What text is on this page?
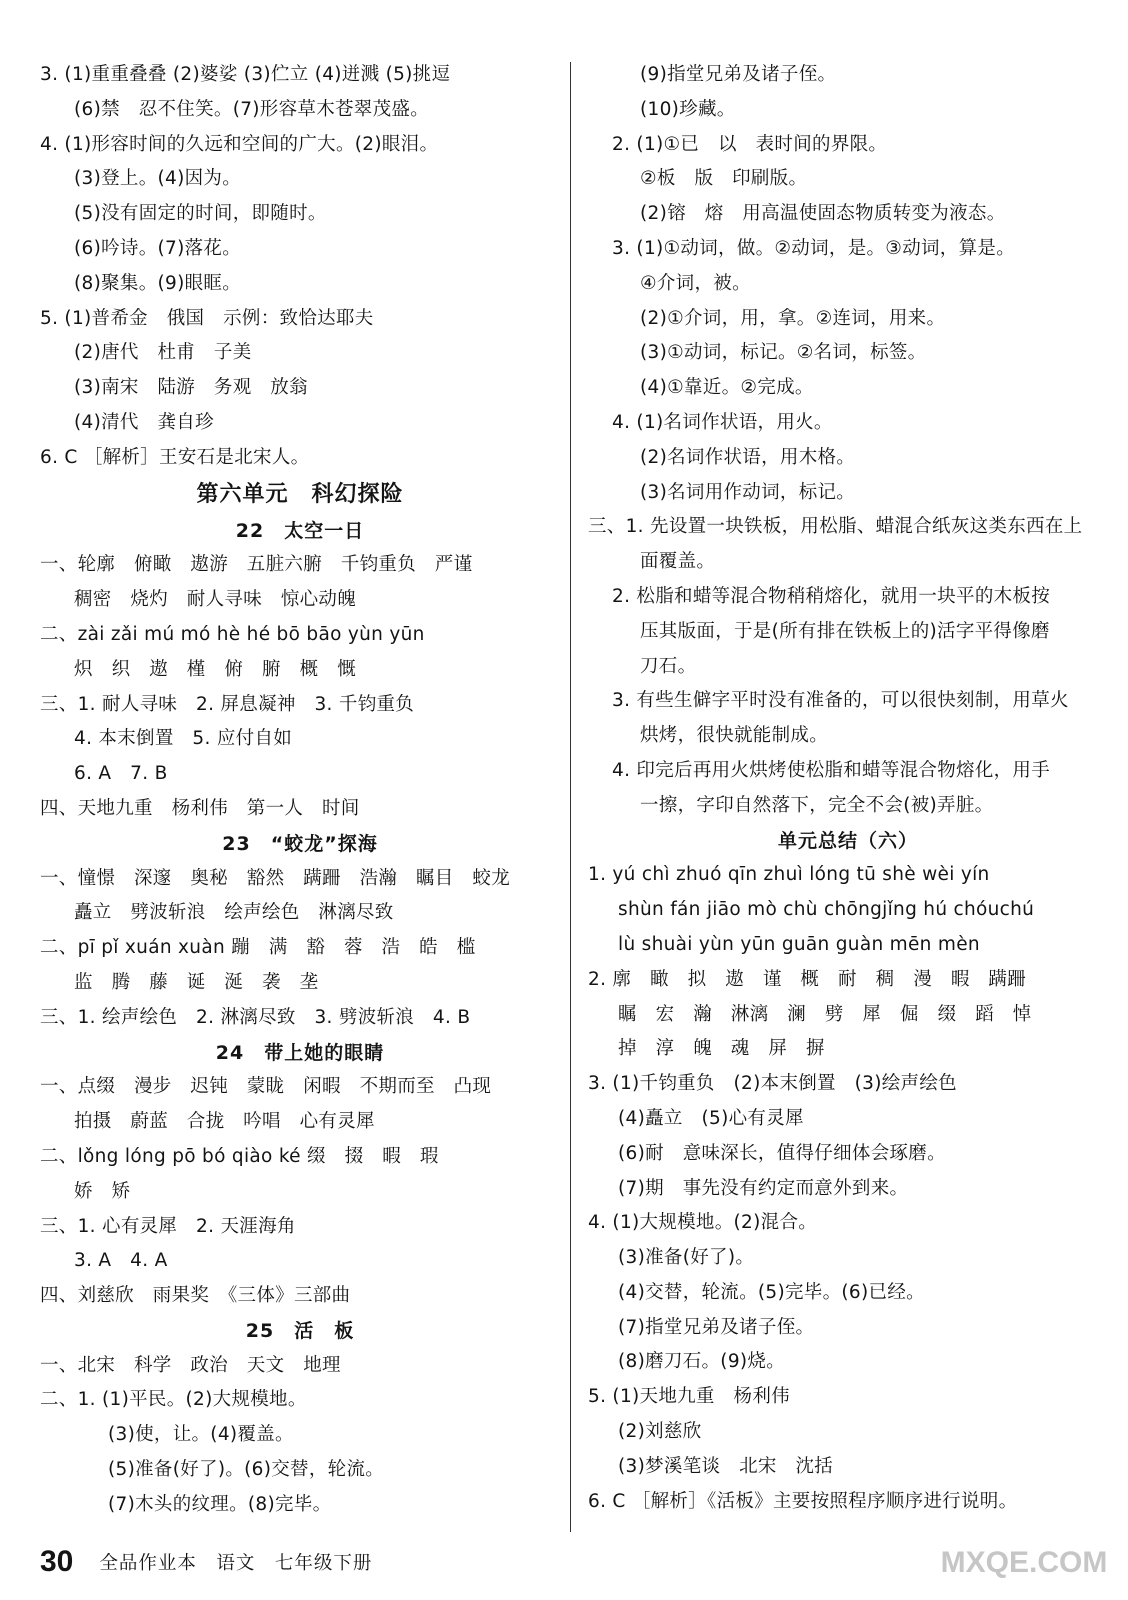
3. (1)重重叠叠 (2)婆娑 (3)伫立 (4)迸溅 (5)挑逗
(6)禁　忍不住笑。(7)形容草木苍翠茂盛。
4. (1)形容时间的久远和空间的广大。(2)眼泪。
(3)登上。(4)因为。
(5)没有固定的时间，即随时。
(6)吟诗。(7)落花。
(8)聚集。(9)眼眶。
5. (1)普希金　俄国　示例：致恰达耶夫
(2)唐代　杜甫　子美
(3)南宋　陆游　务观　放翁
(4)清代　龚自珍
6. C ［解析］王安石是北宋人。
第六单元　科幻探险
22　太空一日
一、轮廓　俯瞰　遨游　五脏六腑　千钧重负　严谨
稠密　烧灼　耐人寻味　惊心动魄
二、zài zǎi mú mó hè hé bō bāo yùn yūn
炽　织　遨　槿　俯　腑　概　慨
三、1. 耐人寻味　2. 屏息凝神　3. 千钧重负
4. 本末倒置　5. 应付自如
6. A　7. B
四、天地九重　杨利伟　第一人　时间
23　“蛟龙”探海
一、憧憬　深邃　奥秘　豁然　蹒跚　浩瀚　瞩目　蛟龙
矗立　劈波斩浪　绘声绘色　淋漓尽致
二、pī pǐ xuán xuàn 蹦　满　豁　蓉　浩　皓　槛
监　腾　藤　诞　涎　袭　垄
三、1. 绘声绘色　2. 淋漓尽致　3. 劈波斩浪　4. B
24　带上她的眼睛
一、点缀　漫步　迟钝　蒙眬　闲暇　不期而至　凸现
拍摄　蔚蓝　合拢　吟唱　心有灵犀
二、lǒng lóng pō bó qiào ké 缀　掇　暇　瑕
娇　矫
三、1. 心有灵犀　2. 天涯海角
3. A　4. A
四、刘慈欣　雨果奖　《三体》三部曲
25　活　板
一、北宋　科学　政治　天文　地理
二、1. (1)平民。(2)大规模地。
(3)使，让。(4)覆盖。
(5)准备(好了)。(6)交替，轮流。
(7)木头的纹理。(8)完毕。
(9)指堂兄弟及诸子侄。
(10)珍藏。
2. (1)①已　以　表时间的界限。
②板　版　印刷版。
(2)镕　熔　用高温使固态物质转变为液态。
3. (1)①动词，做。②动词，是。③动词，算是。
④介词，被。
(2)①介词，用，拿。②连词，用来。
(3)①动词，标记。②名词，标签。
(4)①靠近。②完成。
4. (1)名词作状语，用火。
(2)名词作状语，用木格。
(3)名词用作动词，标记。
三、1. 先设置一块铁板，用松脂、蜡混合纸灰这类东西在上
面覆盖。
2. 松脂和蜡等混合物稍稍熔化，就用一块平的木板按
压其版面，于是(所有排在铁板上的)活字平得像磨
刀石。
3. 有些生僻字平时没有准备的，可以很快刻制，用草火
烘烤，很快就能制成。
4. 印完后再用火烘烤使松脂和蜡等混合物熔化，用手
一擦，字印自然落下，完全不会(被)弄脏。
单元总结（六）
1. yú chì zhuó qīn zhuì lóng tū shè wèi yín
shùn fán jiāo mò chù chōngjǐng hú chóuchú
lù shuài yùn yūn guān guàn mēn mèn
2. 廓　瞰　拟　遨　谨　概　耐　稠　漫　暇　蹒跚
瞩　宏　瀚　淋漓　澜　劈　犀　倔　缀　蹈　悼
掉　淳　魄　魂　屏　摒
3. (1)千钧重负　(2)本末倒置　(3)绘声绘色
(4)矗立　(5)心有灵犀
(6)耐　意味深长，值得仔细体会琢磨。
(7)期　事先没有约定而意外到来。
4. (1)大规模地。(2)混合。
(3)准备(好了)。
(4)交替，轮流。(5)完毕。(6)已经。
(7)指堂兄弟及诸子侄。
(8)磨刀石。(9)烧。
5. (1)天地九重　杨利伟
(2)刘慈欣
(3)梦溪笔谈　北宋　沈括
6. C ［解析］《活板》主要按照程序顺序进行说明。
30 全品作业本　语文　七年级下册	MXQE.COM
